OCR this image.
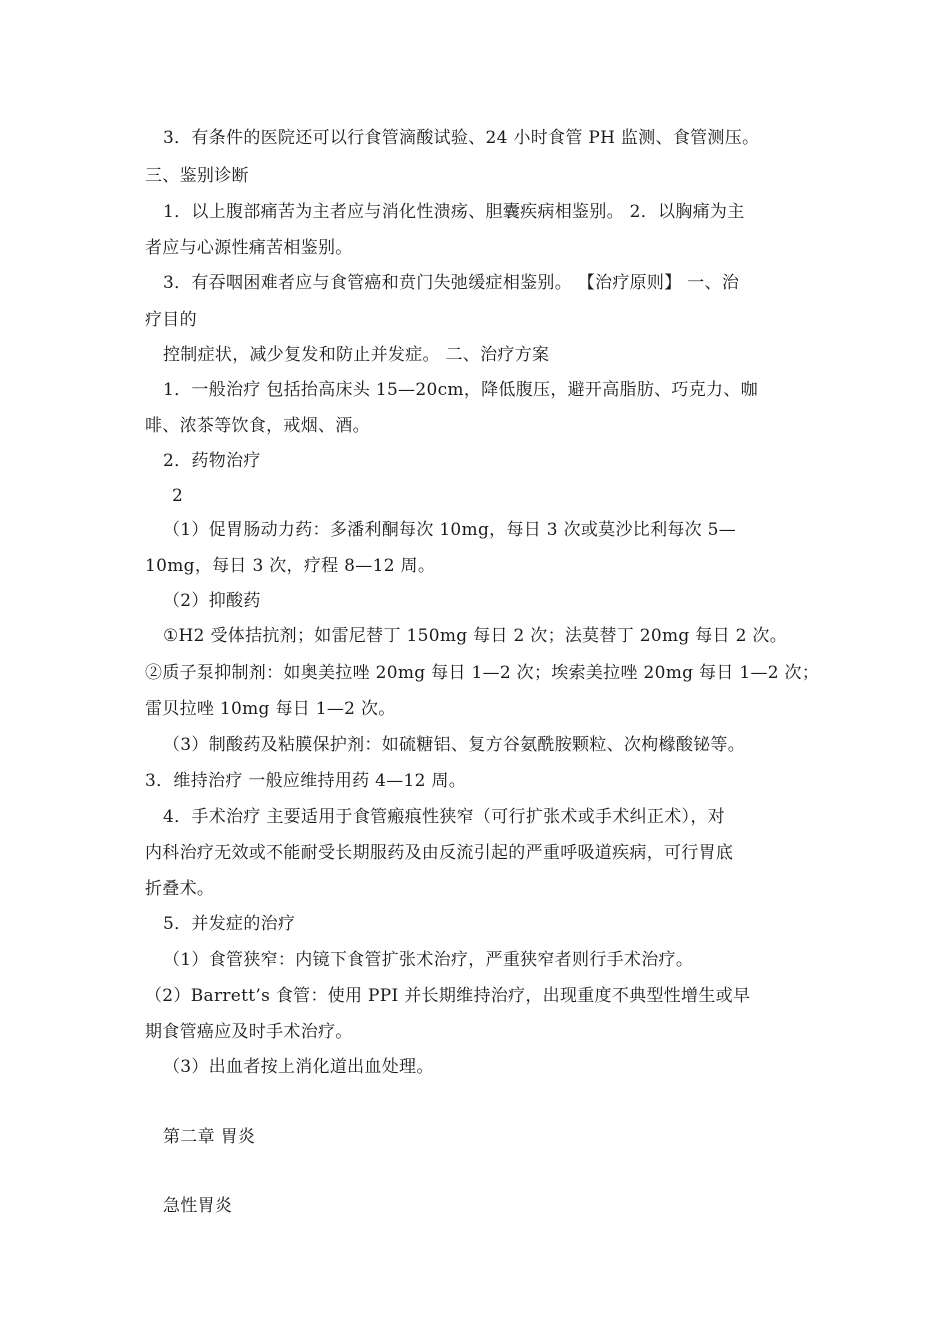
3．有条件的医院还可以行食管滴酸试验、24 小时食管 PH 监测、食管测压。
三、鉴别诊断
1．以上腹部痛苦为主者应与消化性溃疡、胆囊疾病相鉴别。 2．以胸痛为主
者应与心源性痛苦相鉴别。
3．有吞咽困难者应与食管癌和贲门失弛缓症相鉴别。 【治疗原则】 一、治
疗目的
控制症状，减少复发和防止并发症。 二、治疗方案
1．一般治疗 包括抬高床头 15—20cm，降低腹压，避开高脂肪、巧克力、咖
啡、浓茶等饮食，戒烟、酒。
2．药物治疗
2
（1）促胃肠动力药：多潘利酮每次 10mg，每日 3 次或莫沙比利每次 5—
10mg，每日 3 次，疗程 8—12 周。
（2）抑酸药
①H2 受体拮抗剂；如雷尼替丁 150mg 每日 2 次；法莫替丁 20mg 每日 2 次。
②质子泵抑制剂：如奥美拉唑 20mg 每日 1—2 次；埃索美拉唑 20mg 每日 1—2 次；
雷贝拉唑 10mg 每日 1—2 次。
（3）制酸药及粘膜保护剂：如硫糖铝、复方谷氨酰胺颗粒、次枸橼酸铋等。
3．维持治疗 一般应维持用药 4—12 周。
4．手术治疗 主要适用于食管瘢痕性狭窄（可行扩张术或手术纠正术），对
内科治疗无效或不能耐受长期服药及由反流引起的严重呼吸道疾病，可行胃底
折叠术。
5．并发症的治疗
（1）食管狭窄：内镜下食管扩张术治疗，严重狭窄者则行手术治疗。
（2）Barrett’s 食管：使用 PPI 并长期维持治疗，出现重度不典型性增生或早
期食管癌应及时手术治疗。
（3）出血者按上消化道出血处理。
第二章 胃炎
急性胃炎
